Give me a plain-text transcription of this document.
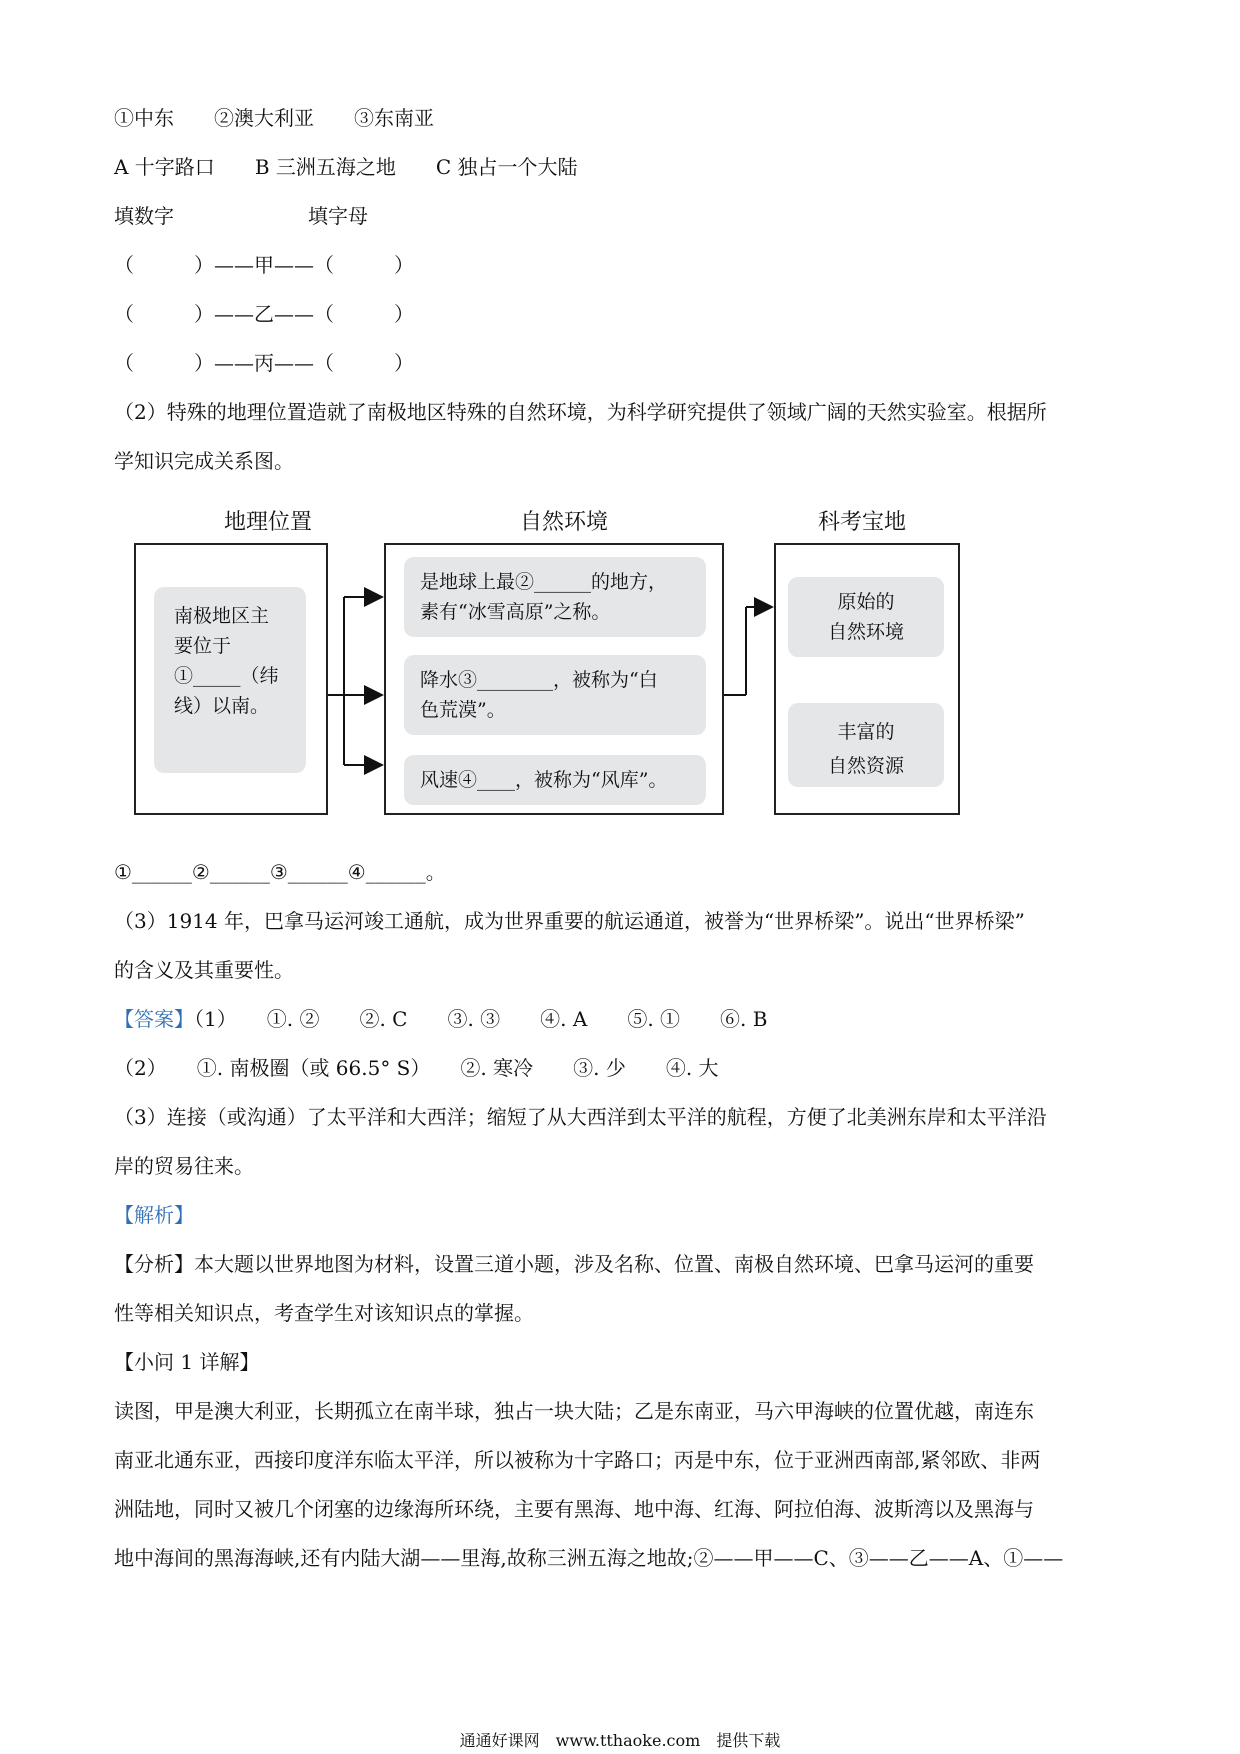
①中东 ②澳大利亚 ③东南亚
A 十字路口 B 三洲五海之地 C 独占一个大陆
填数字	填字母
（　　　）——甲——（　　　）
（　　　）——乙——（　　　）
（　　　）——丙——（　　　）
（2）特殊的地理位置造就了南极地区特殊的自然环境，为科学研究提供了领域广阔的天然实验室。根据所
学知识完成关系图。
地理位置	自然环境	科考宝地
南极地区主
要位于
①_____（纬
线）以南。
是地球上最②______的地方，
素有“冰雪高原”之称。
降水③________，被称为“白
色荒漠”。
风速④____，被称为“风库”。
原始的
自然环境
丰富的
自然资源
①______②______③______④______。
（3）1914 年，巴拿马运河竣工通航，成为世界重要的航运通道，被誉为“世界桥梁”。说出“世界桥梁”
的含义及其重要性。
【答案】（1）　　①. ②　　②. C　　③. ③　　④. A　　⑤. ①　　⑥. B
（2）　　①. 南极圈（或 66.5° S）　　②. 寒冷　　③. 少　　④. 大
（3）连接（或沟通）了太平洋和大西洋；缩短了从大西洋到太平洋的航程，方便了北美洲东岸和太平洋沿
岸的贸易往来。
【解析】
【分析】本大题以世界地图为材料，设置三道小题，涉及名称、位置、南极自然环境、巴拿马运河的重要
性等相关知识点，考查学生对该知识点的掌握。
【小问 1 详解】
读图，甲是澳大利亚，长期孤立在南半球，独占一块大陆；乙是东南亚，马六甲海峡的位置优越，南连东
南亚北通东亚，西接印度洋东临太平洋，所以被称为十字路口；丙是中东，位于亚洲西南部,紧邻欧、非两
洲陆地，同时又被几个闭塞的边缘海所环绕，主要有黑海、地中海、红海、阿拉伯海、波斯湾以及黑海与
地中海间的黑海海峡,还有内陆大湖——里海,故称三洲五海之地故;②——甲——C、③——乙——A、①——
通通好课网　www.tthaoke.com　提供下载
